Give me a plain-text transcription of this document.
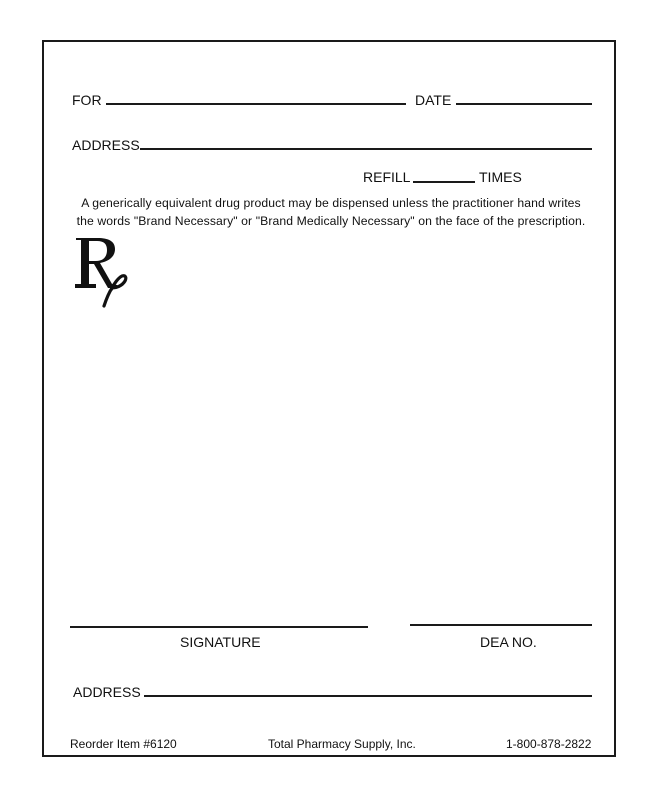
FOR	DATE
ADDRESS
REFILL	TIMES
A generically equivalent drug product may be dispensed unless the practitioner hand writes
the words "Brand Necessary" or "Brand Medically Necessary" on the face of the prescription.
SIGNATURE	DEA NO.
ADDRESS
Reorder Item #6120	Total Pharmacy Supply, Inc.	1-800-878-2822
